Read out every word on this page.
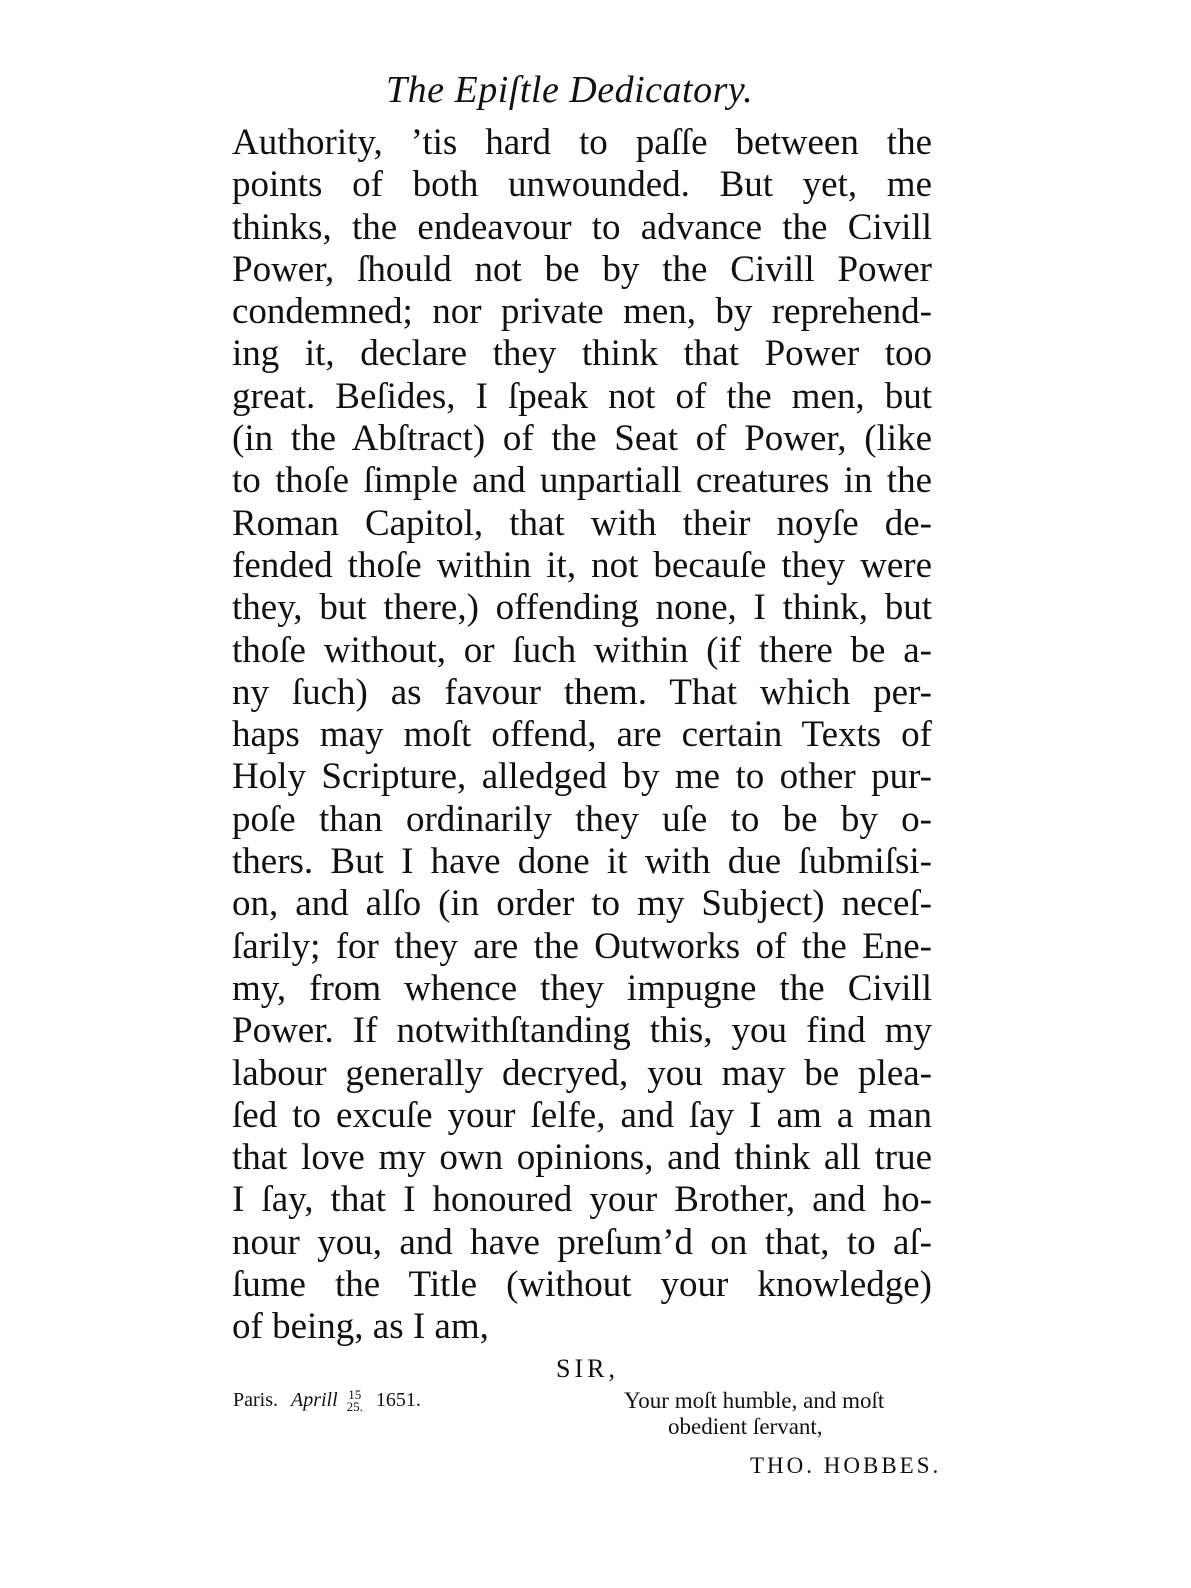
The Epiſtle Dedicatory.
Authority, ’tis hard to paſſe between the
points of both unwounded. But yet, me
thinks, the endeavour to advance the Civill
Power, ſhould not be by the Civill Power
condemned; nor private men, by reprehend-
ing it, declare they think that Power too
great. Beſides, I ſpeak not of the men, but
(in the Abſtract) of the Seat of Power, (like
to thoſe ſimple and unpartiall creatures in the
Roman Capitol, that with their noyſe de-
fended thoſe within it, not becauſe they were
they, but there,) offending none, I think, but
thoſe without, or ſuch within (if there be a-
ny ſuch) as favour them. That which per-
haps may moſt offend, are certain Texts of
Holy Scripture, alledged by me to other pur-
poſe than ordinarily they uſe to be by o-
thers. But I have done it with due ſubmiſsi-
on, and alſo (in order to my Subject) neceſ-
ſarily; for they are the Outworks of the Ene-
my, from whence they impugne the Civill
Power. If notwithſtanding this, you find my
labour generally decryed, you may be plea-
ſed to excuſe your ſelfe, and ſay I am a man
that love my own opinions, and think all true
I ſay, that I honoured your Brother, and ho-
nour you, and have preſum’d on that, to aſ-
ſume the Title (without your knowledge)
of being, as I am,
SIR,
Paris. Aprill 15
25. 1651.	Your moſt humble, and moſt
obedient ſervant,
THO. HOBBES.
